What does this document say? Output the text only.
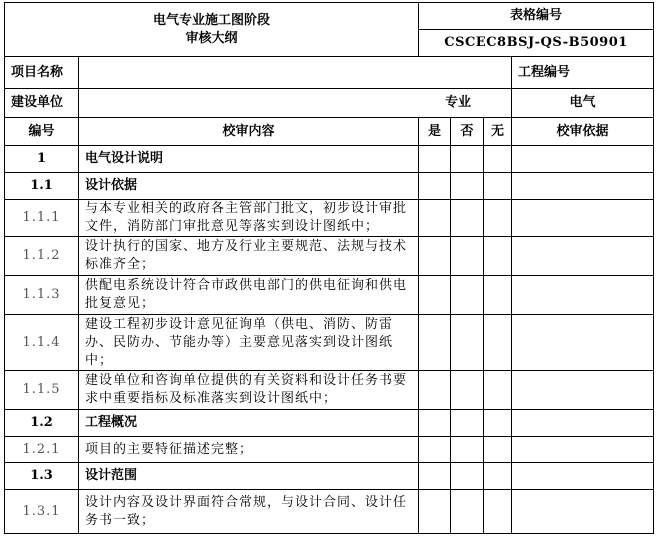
电气专业施工图阶段
审核大纲		表格编号			
		CSCEC8BSJ-QS-B50901			
项目名称					工程编号
建设单位	专业				电气
编号	校审内容	是	否	无	校审依据
1	电气设计说明				
1.1	设计依据				
1.1.1	与本专业相关的政府各主管部门批文，初步设计审批文件，消防部门审批意见等落实到设计图纸中；				
1.1.2	设计执行的国家、地方及行业主要规范、法规与技术标准齐全；				
1.1.3	供配电系统设计符合市政供电部门的供电征询和供电批复意见；				
1.1.4	建设工程初步设计意见征询单（供电、消防、防雷办、民防办、节能办等）主要意见落实到设计图纸中；				
1.1.5	建设单位和咨询单位提供的有关资料和设计任务书要求中重要指标及标准落实到设计图纸中；				
1.2	工程概况				
1.2.1	项目的主要特征描述完整；				
1.3	设计范围				
1.3.1	设计内容及设计界面符合常规，与设计合同、设计任务书一致；				
